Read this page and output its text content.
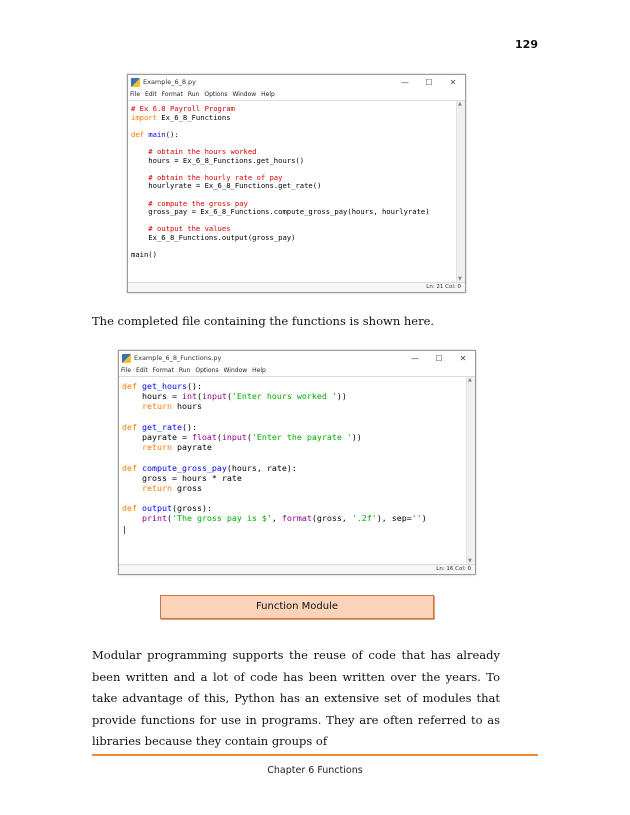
129
Example_6_8.py	—	☐	✕
File Edit Format Run Options Window Help
# Ex 6.8 Payroll Program
import Ex_6_8_Functions
def main():
# obtain the hours worked
hours = Ex_6_8_Functions.get_hours()
# obtain the hourly rate of pay
hourlyrate = Ex_6_8_Functions.get_rate()
# compute the gross pay
gross_pay = Ex_6_8_Functions.compute_gross_pay(hours, hourlyrate)
# output the values
Ex_6_8_Functions.output(gross_pay)
main()
▲
▼
Ln: 21 Col: 0
The completed file containing the functions is shown here.
Example_6_8_Functions.py	—	☐	✕
File Edit Format Run Options Window Help
def get_hours():
hours = int(input('Enter hours worked '))
return hours
def get_rate():
payrate = float(input('Enter the payrate '))
return payrate
def compute_gross_pay(hours, rate):
gross = hours * rate
return gross
def output(gross):
print('The gross pay is $', format(gross, '.2f'), sep='')
|
▲
▼
Ln: 16 Col: 0
Function Module
Modular programming supports the reuse of code that has already been written and a lot of code has been written over the years. To take advantage of this, Python has an extensive set of modules that provide functions for use in programs. They are often referred to as libraries because they contain groups of
Chapter 6 Functions
